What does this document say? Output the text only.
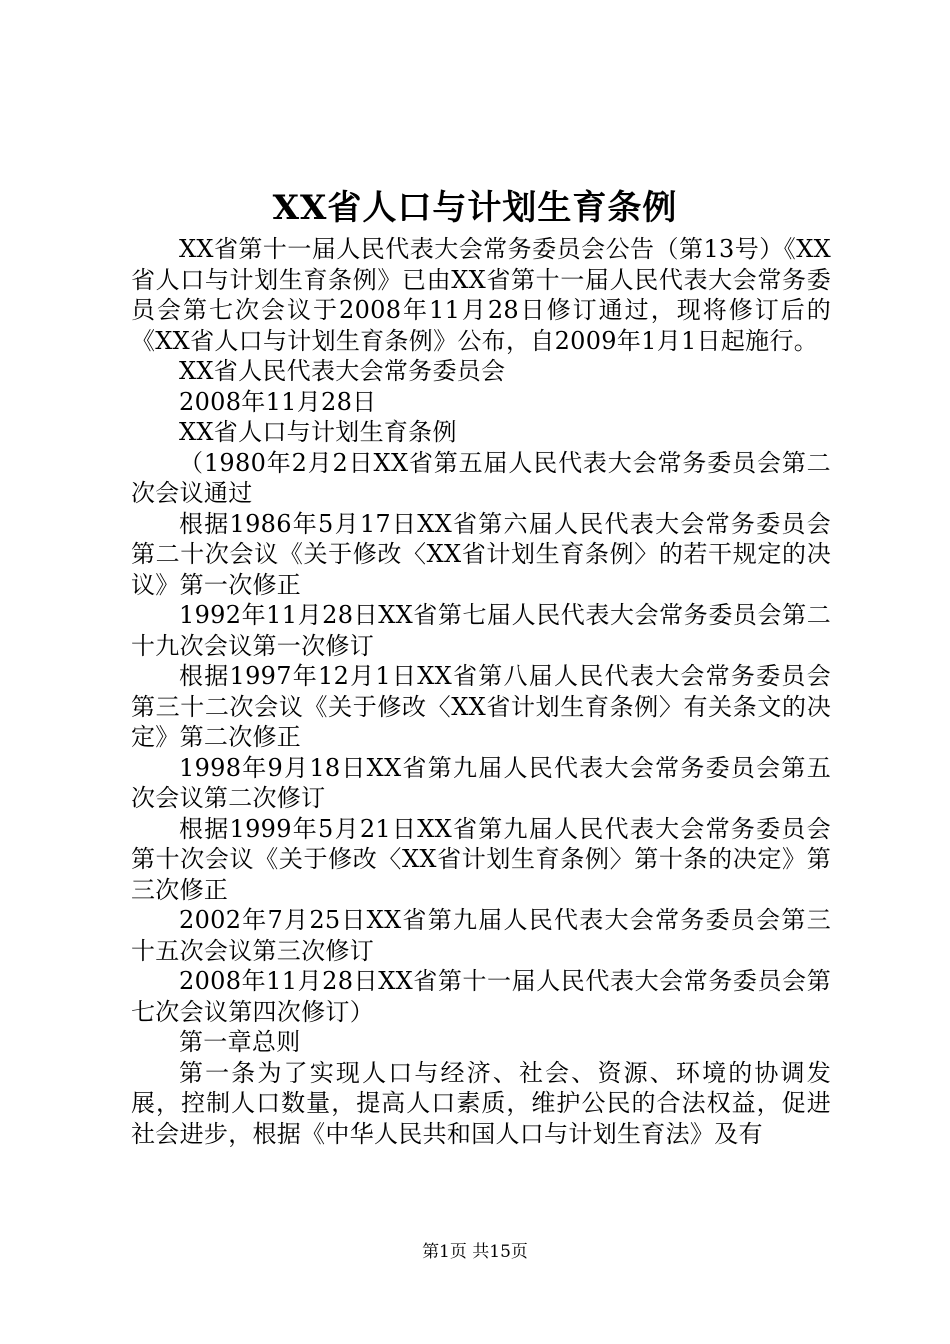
XX省人口与计划生育条例

XX省第十一届人民代表大会常务委员会公告（第13号）《XX省人口与计划生育条例》已由XX省第十一届人民代表大会常务委员会第七次会议于2008年11月28日修订通过，现将修订后的《XX省人口与计划生育条例》公布，自2009年1月1日起施行。

XX省人民代表大会常务委员会

2008年11月28日

XX省人口与计划生育条例

（1980年2月2日XX省第五届人民代表大会常务委员会第二次会议通过

根据1986年5月17日XX省第六届人民代表大会常务委员会第二十次会议《关于修改〈XX省计划生育条例〉的若干规定的决议》第一次修正

1992年11月28日XX省第七届人民代表大会常务委员会第二十九次会议第一次修订

根据1997年12月1日XX省第八届人民代表大会常务委员会第三十二次会议《关于修改〈XX省计划生育条例〉有关条文的决定》第二次修正

1998年9月18日XX省第九届人民代表大会常务委员会第五次会议第二次修订

根据1999年5月21日XX省第九届人民代表大会常务委员会第十次会议《关于修改〈XX省计划生育条例〉第十条的决定》第三次修正

2002年7月25日XX省第九届人民代表大会常务委员会第三十五次会议第三次修订

2008年11月28日XX省第十一届人民代表大会常务委员会第七次会议第四次修订）

第一章总则

第一条为了实现人口与经济、社会、资源、环境的协调发展，控制人口数量，提高人口素质，维护公民的合法权益，促进社会进步，根据《中华人民共和国人口与计划生育法》及有

第1页 共15页
